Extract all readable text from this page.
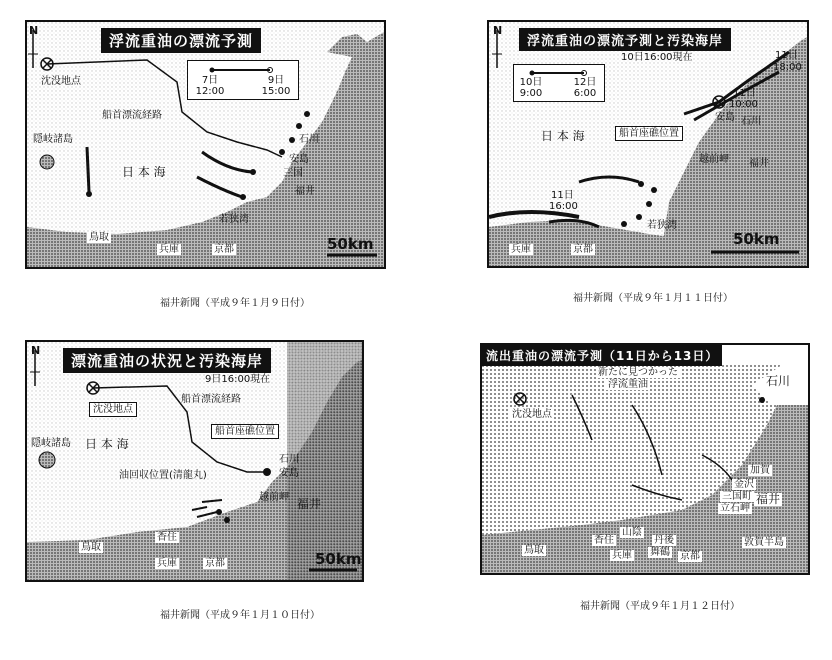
浮流重油の漂流予測
N
7日
12:00
9日
15:00
沈没地点
船首漂流経路
隠岐諸島
日 本 海
石川
安島
三国
福井
若狭湾
鳥取
兵庫	京都	50km
福井新聞（平成９年１月９日付）
浮流重油の漂流予測と汚染海岸
N
10日16:00現在
10日
9:00
12日
6:00
日 本 海	船首座礁位置
11日
18:00
11日
10:00
石川
安島
越前岬 福井
11日
16:00
若狭湾
兵庫	京都
50km
福井新聞（平成９年１月１１日付）
漂流重油の状況と汚染海岸
N
9日16:00現在
沈没地点
船首漂流経路
船首座礁位置
隠岐諸島 日 本 海
油回収位置(清龍丸)
石川
安島
越前岬 福井
鳥取
香住
兵庫	京都	50km
福井新聞（平成９年１月１０日付）
流出重油の漂流予測（11日から13日）
新たに見つかった
浮流重油
沈没地点
石川
加賀
金沢
三国町
立石岬
福井
敦賀半島
鳥取
香住
山陰
兵庫
丹後
舞鶴 京都
福井新聞（平成９年１月１２日付）
